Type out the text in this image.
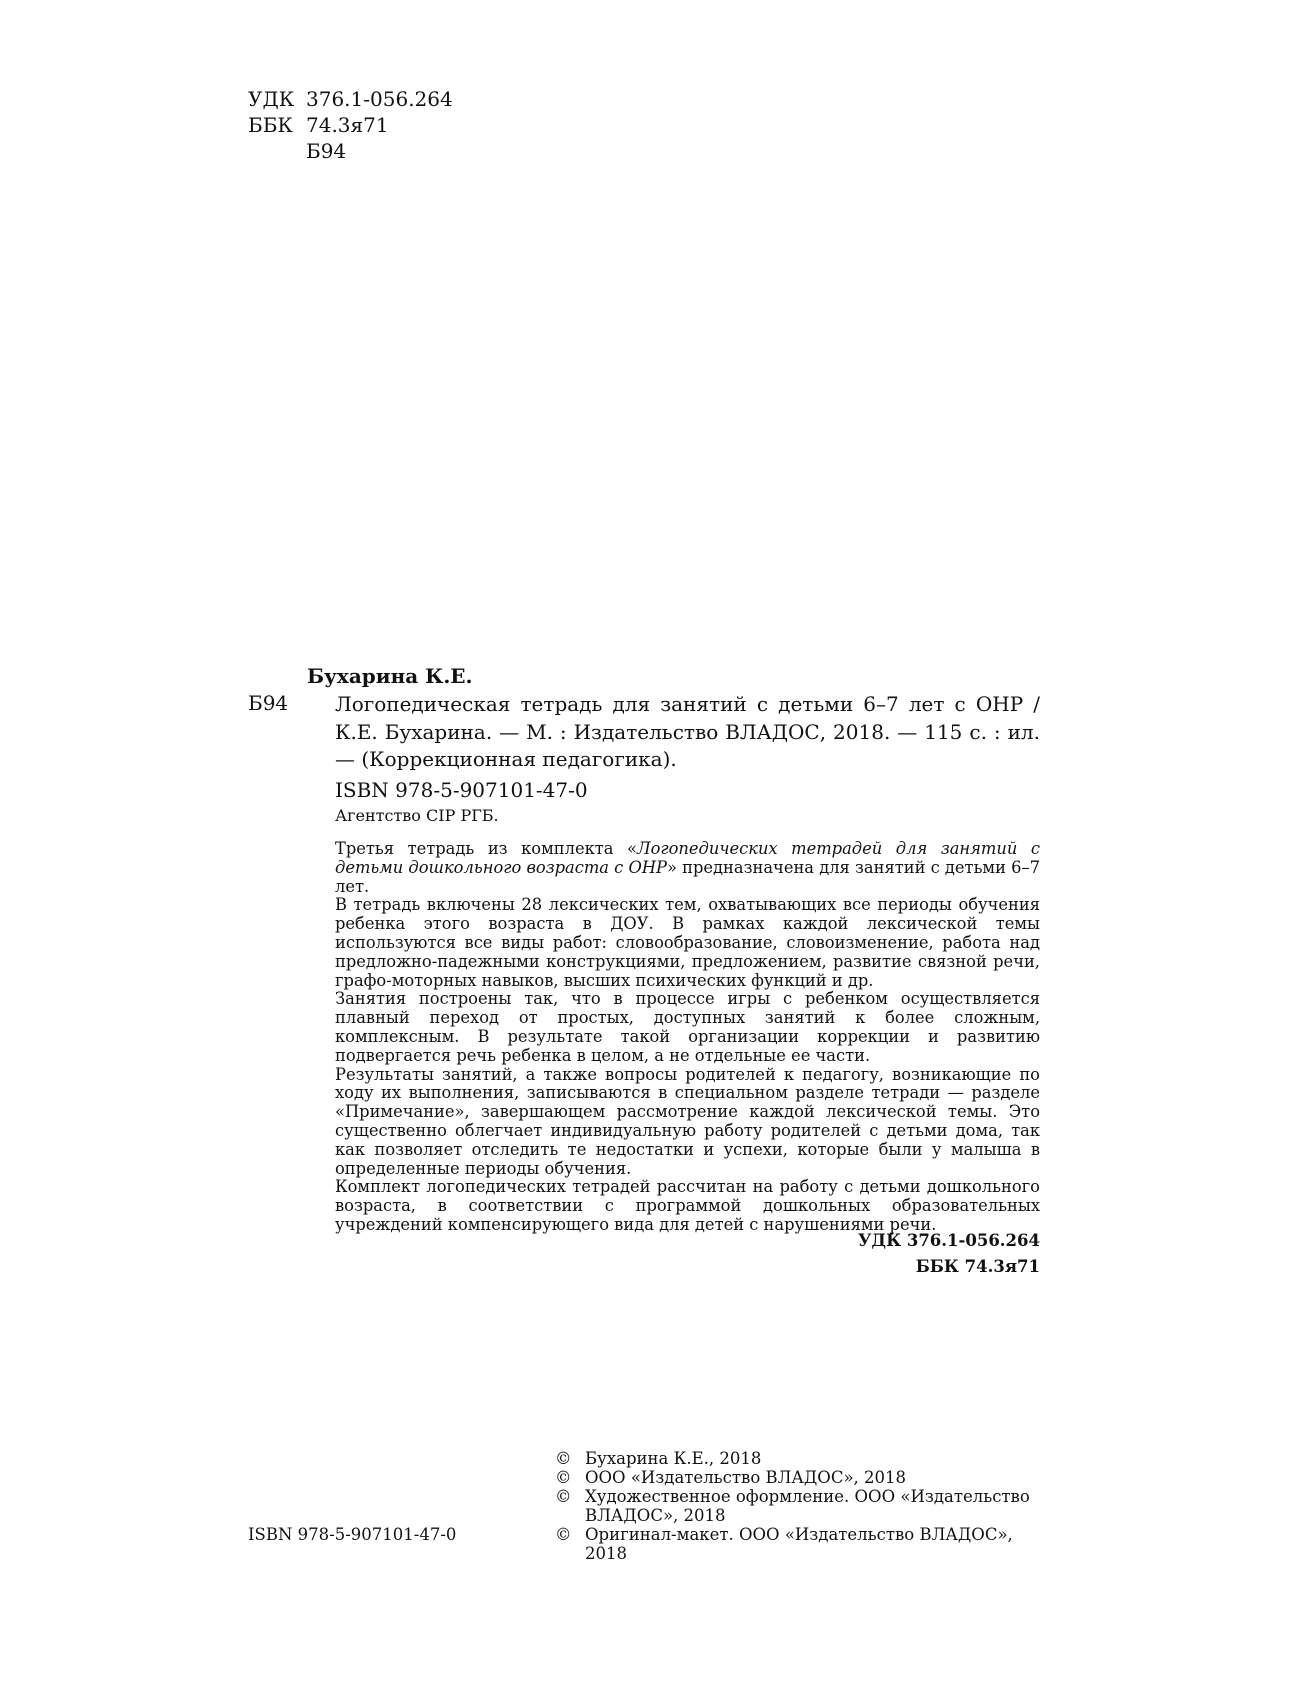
УДК 376.1-056.264
ББК 74.3я71
Б94
Бухарина К.Е.
Б94 Логопедическая тетрадь для занятий с детьми 6–7 лет с ОНР / К.Е. Бухарина. — М. : Издательство ВЛАДОС, 2018. — 115 с. : ил. — (Коррекционная педагогика).

ISBN 978-5-907101-47-0
Агентство CIP РГБ.

Третья тетрадь из комплекта «Логопедических тетрадей для занятий с детьми дошкольного возраста с ОНР» предназначена для занятий с детьми 6–7 лет.

В тетрадь включены 28 лексических тем, охватывающих все периоды обучения ребенка этого возраста в ДОУ. В рамках каждой лексической темы используются все виды работ: словообразование, словоизменение, работа над предложно-падежными конструкциями, предложением, развитие связной речи, графо-моторных навыков, высших психических функций и др.

Занятия построены так, что в процессе игры с ребенком осуществляется плавный переход от простых, доступных занятий к более сложным, комплексным. В результате такой организации коррекции и развитию подвергается речь ребенка в целом, а не отдельные ее части.

Результаты занятий, а также вопросы родителей к педагогу, возникающие по ходу их выполнения, записываются в специальном разделе тетради — разделе «Примечание», завершающем рассмотрение каждой лексической темы. Это существенно облегчает индивидуальную работу родителей с детьми дома, так как позволяет отследить те недостатки и успехи, которые были у малыша в определенные периоды обучения.

Комплект логопедических тетрадей рассчитан на работу с детьми дошкольного возраста, в соответствии с программой дошкольных образовательных учреждений компенсирующего вида для детей с нарушениями речи.

УДК 376.1-056.264
ББК 74.3я71
© Бухарина К.Е., 2018
© ООО «Издательство ВЛАДОС», 2018
© Художественное оформление. ООО «Издательство ВЛАДОС», 2018
© Оригинал-макет. ООО «Издательство ВЛАДОС», 2018
ISBN 978-5-907101-47-0
